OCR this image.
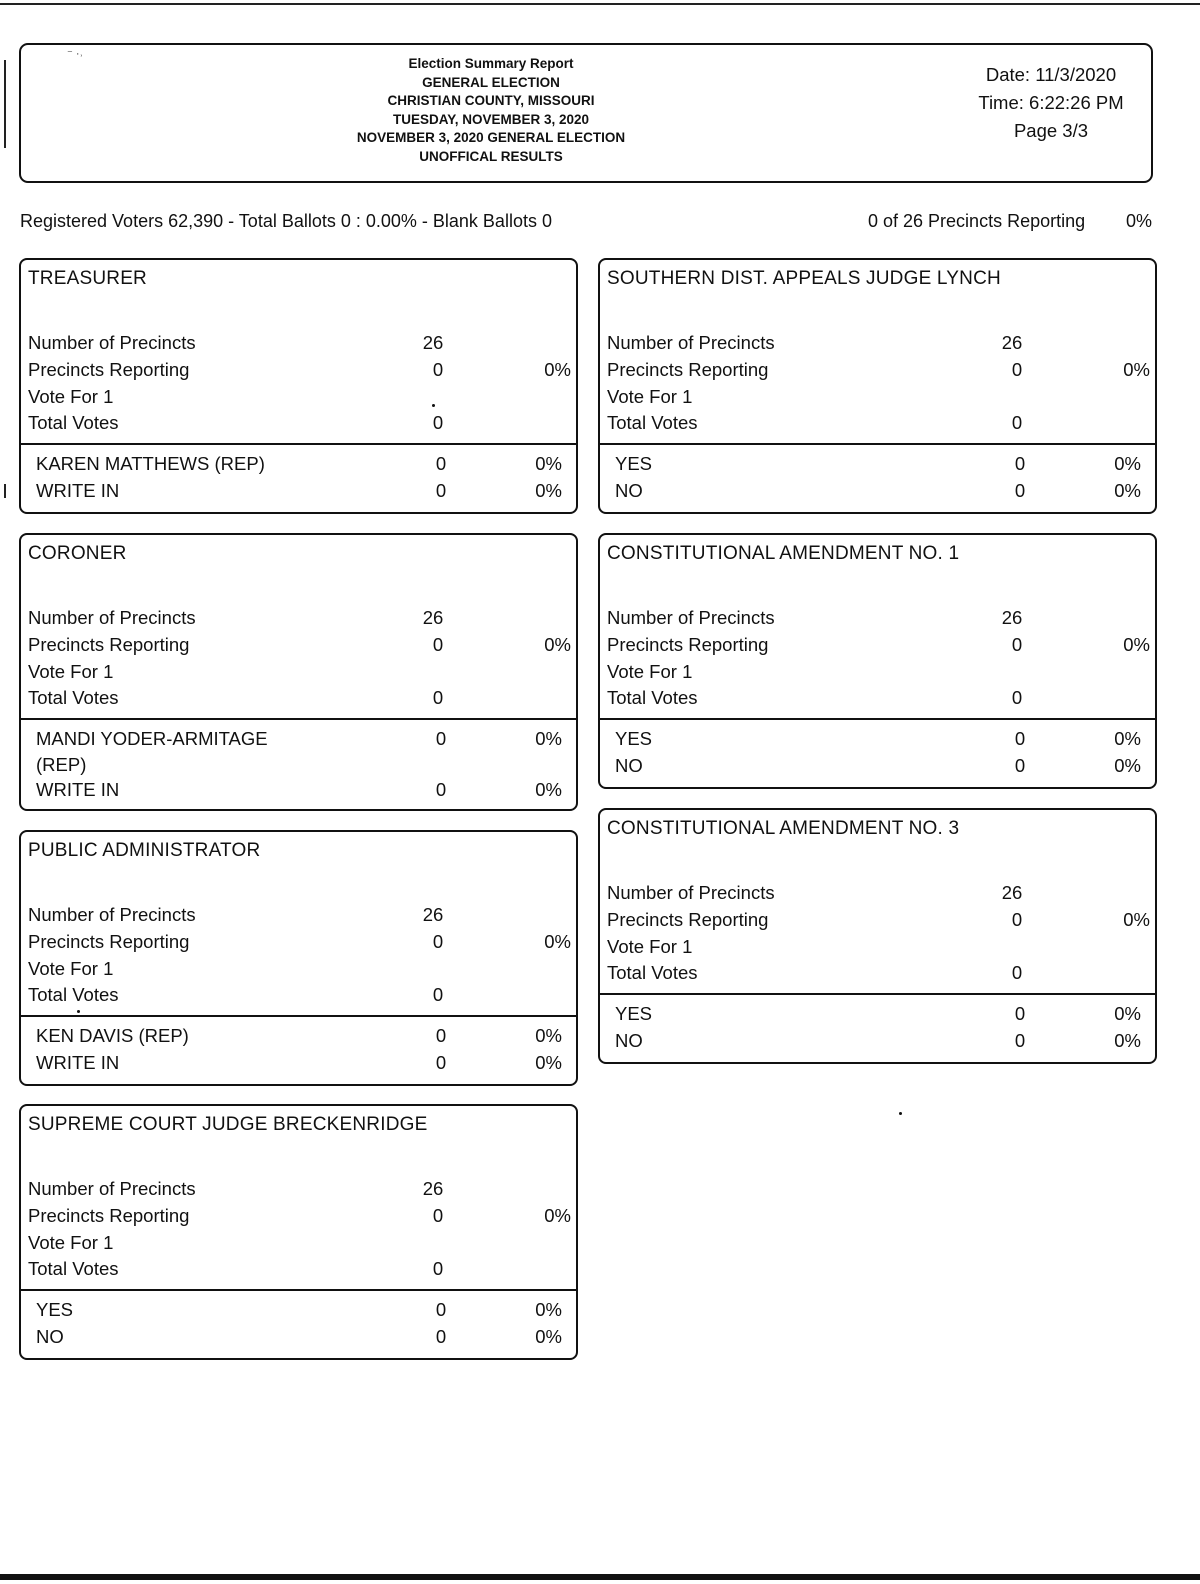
⁻ ·˒
Election Summary Report
GENERAL ELECTION
CHRISTIAN COUNTY, MISSOURI
TUESDAY, NOVEMBER 3, 2020
NOVEMBER 3, 2020 GENERAL ELECTION
UNOFFICAL RESULTS
Date: 11/3/2020
Time: 6:22:26 PM
Page 3/3
Registered Voters 62,390 - Total Ballots 0 : 0.00% - Blank Ballots 0	0 of 26 Precincts Reporting 0%
TREASURER
Number of Precincts	26
Precincts Reporting	0	0%
Vote For 1
Total Votes	0
KAREN MATTHEWS (REP)	0	0%
WRITE IN	0	0%
SOUTHERN DIST. APPEALS JUDGE LYNCH
Number of Precincts	26
Precincts Reporting	0	0%
Vote For 1
Total Votes	0
YES	0	0%
NO	0	0%
CORONER
Number of Precincts	26
Precincts Reporting	0	0%
Vote For 1
Total Votes	0
MANDI YODER-ARMITAGE
(REP)
0	0%
WRITE IN	0	0%
CONSTITUTIONAL AMENDMENT NO. 1
Number of Precincts	26
Precincts Reporting	0	0%
Vote For 1
Total Votes	0
YES	0	0%
NO	0	0%
PUBLIC ADMINISTRATOR
Number of Precincts	26
Precincts Reporting	0	0%
Vote For 1
Total Votes	0
KEN DAVIS (REP)	0	0%
WRITE IN	0	0%
CONSTITUTIONAL AMENDMENT NO. 3
Number of Precincts	26
Precincts Reporting	0	0%
Vote For 1
Total Votes	0
YES	0	0%
NO	0	0%
SUPREME COURT JUDGE BRECKENRIDGE
Number of Precincts	26
Precincts Reporting	0	0%
Vote For 1
Total Votes	0
YES	0	0%
NO	0	0%
